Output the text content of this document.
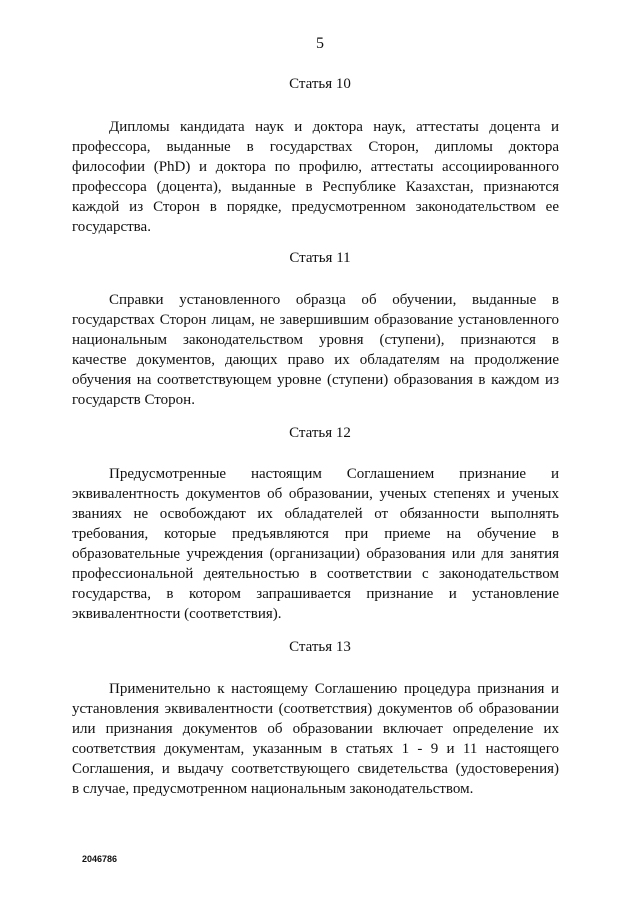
5
Статья 10
Дипломы кандидата наук и доктора наук, аттестаты доцента и
профессора, выданные в государствах Сторон, дипломы доктора
философии (PhD) и доктора по профилю, аттестаты ассоциированного
профессора (доцента), выданные в Республике Казахстан, признаются
каждой из Сторон в порядке, предусмотренном законодательством ее
государства.
Статья 11
Справки установленного образца об обучении, выданные в
государствах Сторон лицам, не завершившим образование установленного
национальным законодательством уровня (ступени), признаются в
качестве документов, дающих право их обладателям на продолжение
обучения на соответствующем уровне (ступени) образования в каждом из
государств Сторон.
Статья 12
Предусмотренные настоящим Соглашением признание и
эквивалентность документов об образовании, ученых степенях и ученых
званиях не освобождают их обладателей от обязанности выполнять
требования, которые предъявляются при приеме на обучение в
образовательные учреждения (организации) образования или для занятия
профессиональной деятельностью в соответствии с законодательством
государства, в котором запрашивается признание и установление
эквивалентности (соответствия).
Статья 13
Применительно к настоящему Соглашению процедура признания и
установления эквивалентности (соответствия) документов об образовании
или признания документов об образовании включает определение их
соответствия документам, указанным в статьях 1 - 9 и 11 настоящего
Соглашения, и выдачу соответствующего свидетельства (удостоверения)
в случае, предусмотренном национальным законодательством.
2046786
